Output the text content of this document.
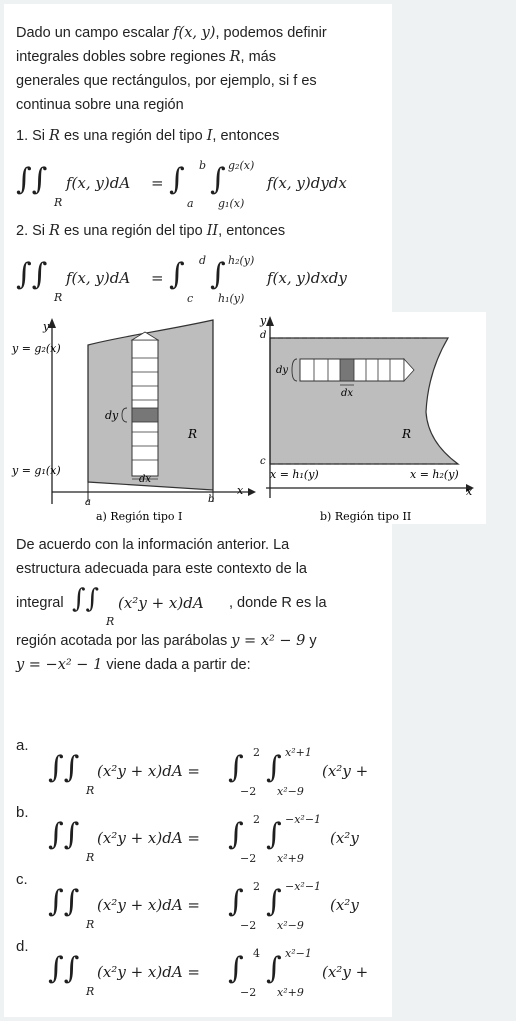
Dado un campo escalar f(x, y), podemos definir
integrales dobles sobre regiones R, más
generales que rectángulos, por ejemplo, si f es
continua sobre una región
1. Si R es una región del tipo I, entonces
∫∫
R
f(x, y)dA = ∫ b
a
∫ g₂(x)
g₁(x)
f(x, y)dydx
2. Si R es una región del tipo II, entonces
∫∫
R
f(x, y)dA = ∫ d
c
∫ h₂(y)
h₁(y)
f(x, y)dxdy
y
y = g₂(x)
y = g₁(x)
dy
dx
R
a	b
x
a) Región tipo I
y
d
c
dy
dx
R
x = h₁(y)	x = h₂(y)
x
b) Región tipo II
De acuerdo con la información anterior. La
estructura adecuada para este contexto de la
integral ∫∫
R
(x²y + x)dA , donde R es la
región acotada por las parábolas y = x² − 9 y
y = −x² − 1 viene dada a partir de:
a.
∫∫
R
(x²y + x)dA = ∫ 2
−2
∫ x²+1
x²−9
(x²y +
b.
∫∫
R
(x²y + x)dA = ∫ 2
−2
∫ −x²−1
x²+9
(x²y
c.
∫∫
R
(x²y + x)dA = ∫ 2
−2
∫ −x²−1
x²−9
(x²y
d.
∫∫
R
(x²y + x)dA = ∫ 4
−2
∫ x²−1
x²+9
(x²y +
